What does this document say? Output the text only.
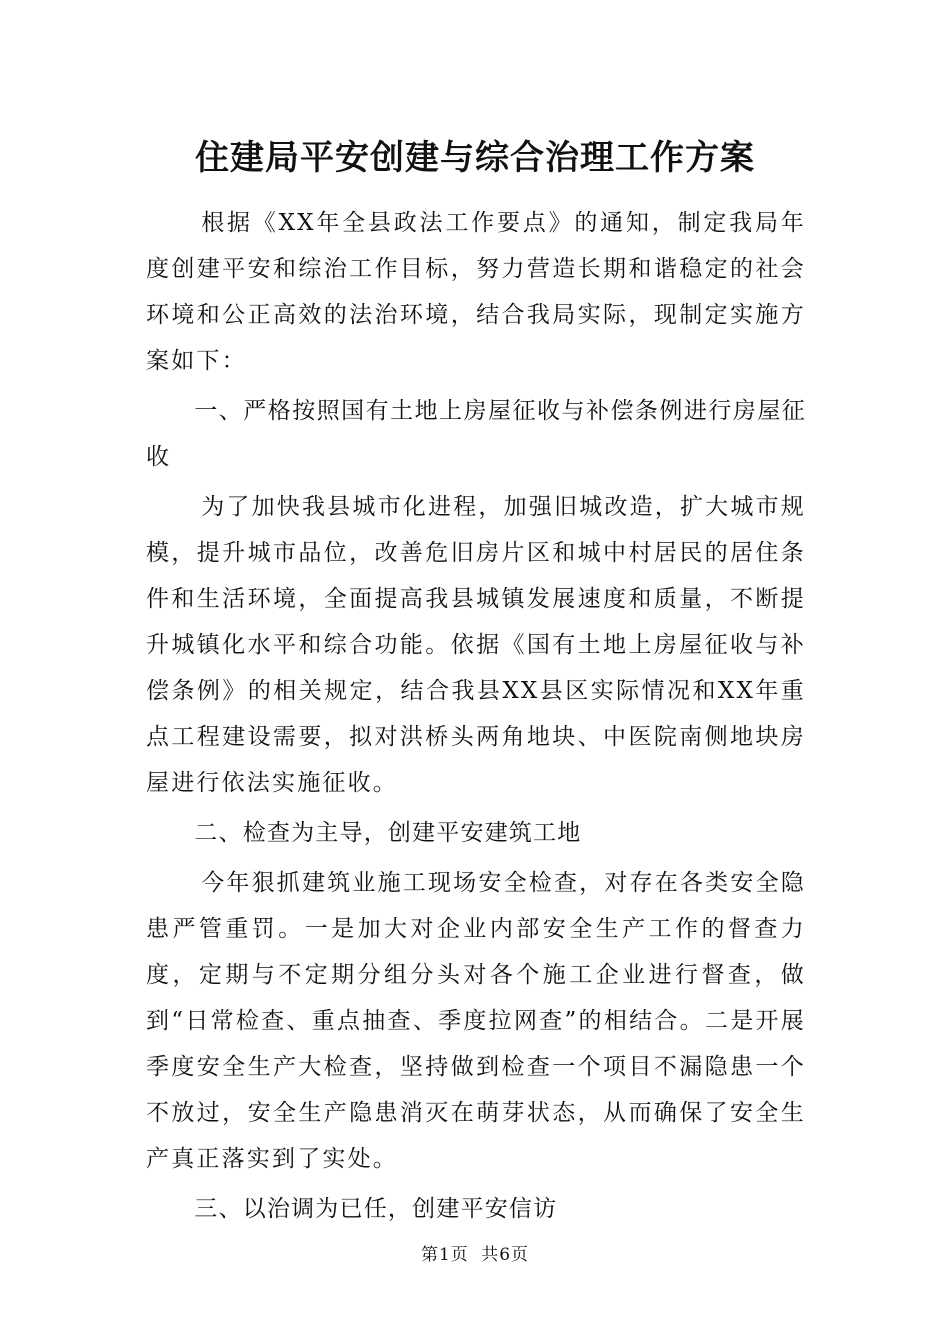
住建局平安创建与综合治理工作方案

根据《XX年全县政法工作要点》的通知，制定我局年度创建平安和综治工作目标，努力营造长期和谐稳定的社会环境和公正高效的法治环境，结合我局实际，现制定实施方案如下：

一、严格按照国有土地上房屋征收与补偿条例进行房屋征收

为了加快我县城市化进程，加强旧城改造，扩大城市规模，提升城市品位，改善危旧房片区和城中村居民的居住条件和生活环境，全面提高我县城镇发展速度和质量，不断提升城镇化水平和综合功能。依据《国有土地上房屋征收与补偿条例》的相关规定，结合我县XX县区实际情况和XX年重点工程建设需要，拟对洪桥头两角地块、中医院南侧地块房屋进行依法实施征收。

二、检查为主导，创建平安建筑工地

今年狠抓建筑业施工现场安全检查，对存在各类安全隐患严管重罚。一是加大对企业内部安全生产工作的督查力度，定期与不定期分组分头对各个施工企业进行督查，做到“日常检查、重点抽查、季度拉网查”的相结合。二是开展季度安全生产大检查，坚持做到检查一个项目不漏隐患一个不放过，安全生产隐患消灭在萌芽状态，从而确保了安全生产真正落实到了实处。

三、以治调为已任，创建平安信访

第1页 共6页
